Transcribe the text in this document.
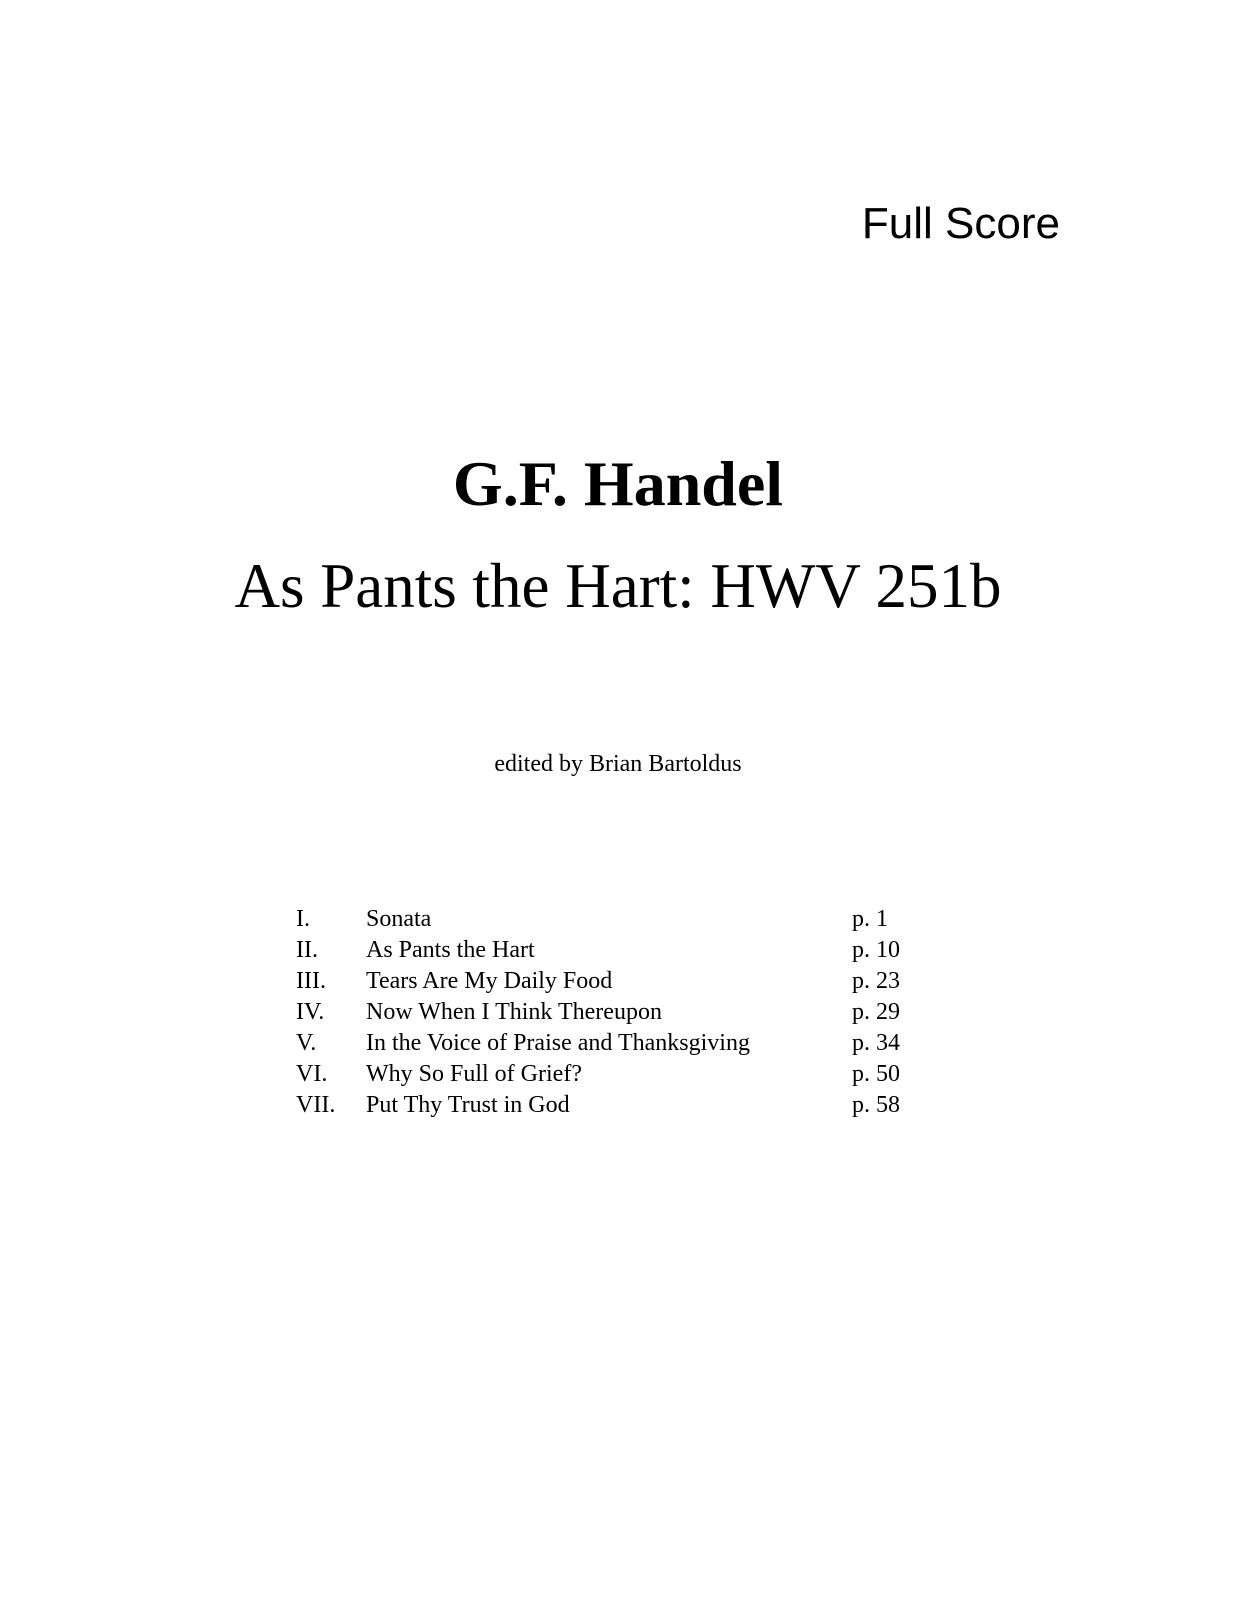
Full Score
G.F. Handel
As Pants the Hart: HWV 251b
edited by Brian Bartoldus
I. Sonata	p. 1
II. As Pants the Hart	p. 10
III. Tears Are My Daily Food	p. 23
IV. Now When I Think Thereupon	p. 29
V. In the Voice of Praise and Thanksgiving	p. 34
VI. Why So Full of Grief?	p. 50
VII. Put Thy Trust in God	p. 58
